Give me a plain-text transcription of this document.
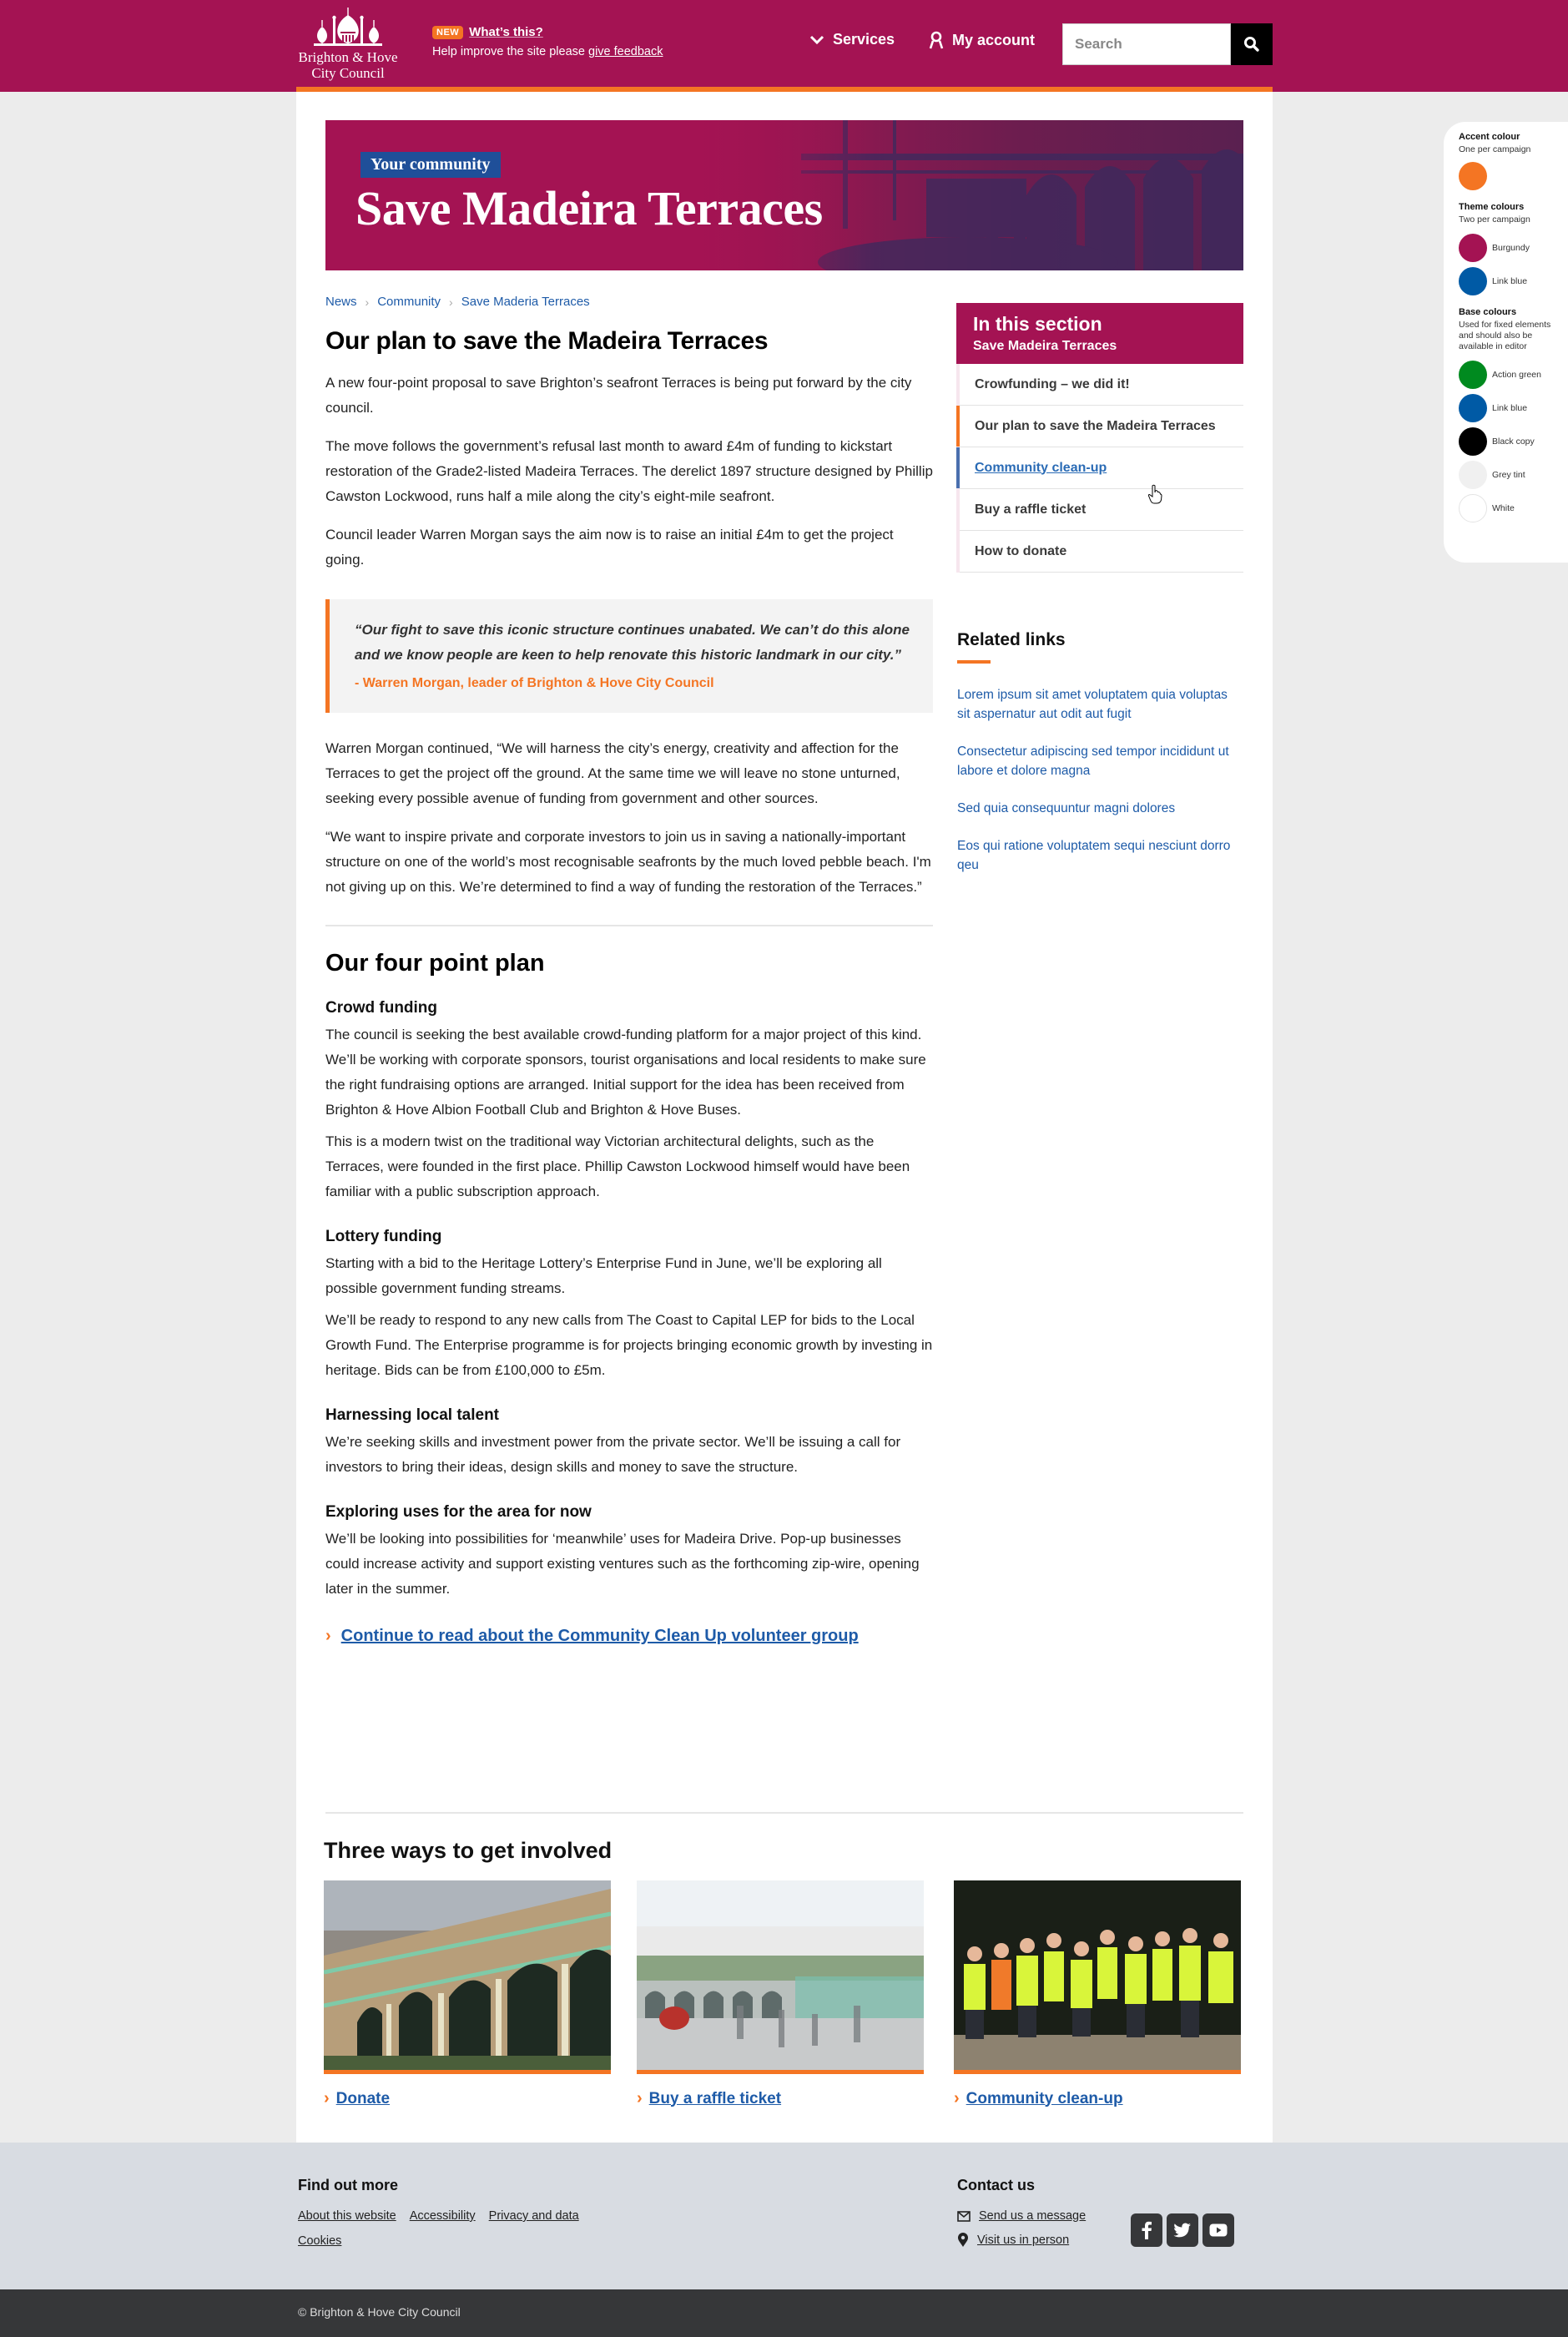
Brighton & Hove
City Council
NEW What’s this?
Help improve the site please give feedback
Services	My account
Search
Your community
Save Madeira Terraces
News › Community › Save Maderia Terraces
Our plan to save the Madeira Terraces

A new four-point proposal to save Brighton’s seafront Terraces is being put forward by the city council.

The move follows the government’s refusal last month to award £4m of funding to kickstart restoration of the Grade2-listed Madeira Terraces. The derelict 1897 structure designed by Phillip Cawston Lockwood, runs half a mile along the city’s eight-mile seafront.

Council leader Warren Morgan says the aim now is to raise an initial £4m to get the project going.

“Our fight to save this iconic structure continues unabated. We can’t do this alone and we know people are keen to help renovate this historic landmark in our city.”
- Warren Morgan, leader of Brighton & Hove City Council

Warren Morgan continued, “We will harness the city’s energy, creativity and affection for the Terraces to get the project off the ground. At the same time we will leave no stone unturned, seeking every possible avenue of funding from government and other sources.

“We want to inspire private and corporate investors to join us in saving a nationally-important structure on one of the world’s most recognisable seafronts by the much loved pebble beach. I'm not giving up on this. We’re determined to find a way of funding the restoration of the Terraces.”

Our four point plan
Crowd funding

The council is seeking the best available crowd-funding platform for a major project of this kind. We’ll be working with corporate sponsors, tourist organisations and local residents to make sure the right fundraising options are arranged. Initial support for the idea has been received from Brighton & Hove Albion Football Club and Brighton & Hove Buses.

This is a modern twist on the traditional way Victorian architectural delights, such as the Terraces, were founded in the first place. Phillip Cawston Lockwood himself would have been familiar with a public subscription approach.

Lottery funding

Starting with a bid to the Heritage Lottery’s Enterprise Fund in June, we’ll be exploring all possible government funding streams.

We’ll be ready to respond to any new calls from The Coast to Capital LEP for bids to the Local Growth Fund. The Enterprise programme is for projects bringing economic growth by investing in heritage. Bids can be from £100,000 to £5m.

Harnessing local talent

We’re seeking skills and investment power from the private sector. We’ll be issuing a call for investors to bring their ideas, design skills and money to save the structure.

Exploring uses for the area for now

We’ll be looking into possibilities for ‘meanwhile’ uses for Madeira Drive. Pop-up businesses could increase activity and support existing ventures such as the forthcoming zip-wire, opening later in the summer.

› Continue to read about the Community Clean Up volunteer group
In this section
Save Madeira Terraces
Crowfunding – we did it!
Our plan to save the Madeira Terraces
Community clean-up
Buy a raffle ticket
How to donate
Related links
Lorem ipsum sit amet voluptatem quia voluptas sit aspernatur aut odit aut fugit
Consectetur adipiscing sed tempor incididunt ut labore et dolore magna
Sed quia consequuntur magni dolores
Eos qui ratione voluptatem sequi nesciunt dorro qeu
Three ways to get involved
› Donate	› Buy a raffle ticket	› Community clean-up
Find out more
About this website Accessibility Privacy and data
Cookies
Contact us
Send us a message
Visit us in person
© Brighton & Hove City Council
Accent colour
One per campaign
Theme colours
Two per campaign
Burgundy
Link blue
Base colours
Used for fixed elements and should also be available in editor
Action green
Link blue
Black copy
Grey tint
White
